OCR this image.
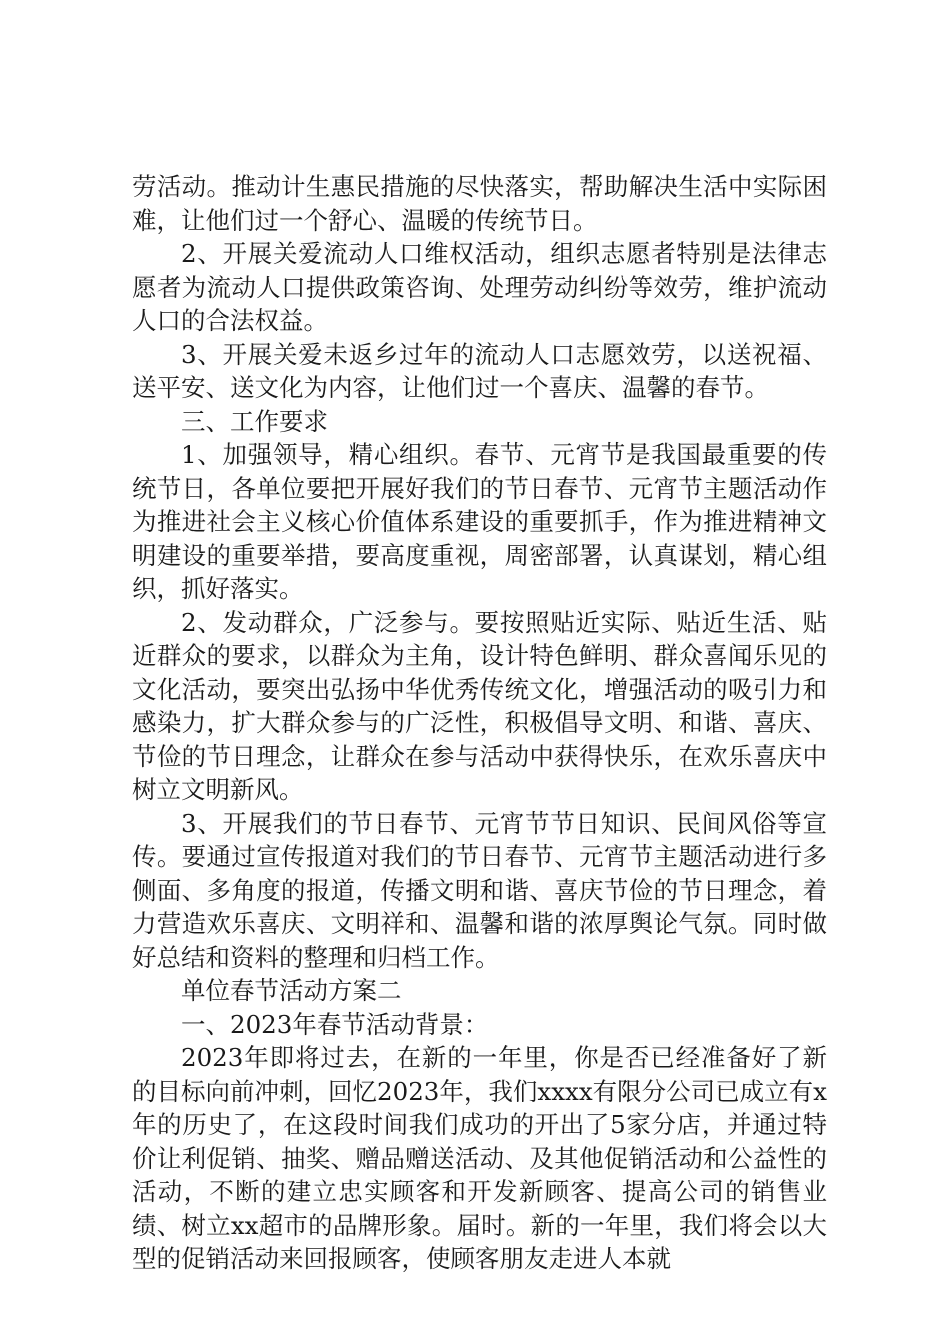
劳活动。推动计生惠民措施的尽快落实，帮助解决生活中实际困难，让他们过一个舒心、温暖的传统节日。

2、开展关爱流动人口维权活动，组织志愿者特别是法律志愿者为流动人口提供政策咨询、处理劳动纠纷等效劳，维护流动人口的合法权益。

3、开展关爱未返乡过年的流动人口志愿效劳，以送祝福、送平安、送文化为内容，让他们过一个喜庆、温馨的春节。

三、工作要求

1、加强领导，精心组织。春节、元宵节是我国最重要的传统节日，各单位要把开展好我们的节日春节、元宵节主题活动作为推进社会主义核心价值体系建设的重要抓手，作为推进精神文明建设的重要举措，要高度重视，周密部署，认真谋划，精心组织，抓好落实。

2、发动群众，广泛参与。要按照贴近实际、贴近生活、贴近群众的要求，以群众为主角，设计特色鲜明、群众喜闻乐见的文化活动，要突出弘扬中华优秀传统文化，增强活动的吸引力和感染力，扩大群众参与的广泛性，积极倡导文明、和谐、喜庆、节俭的节日理念，让群众在参与活动中获得快乐，在欢乐喜庆中树立文明新风。

3、开展我们的节日春节、元宵节节日知识、民间风俗等宣传。要通过宣传报道对我们的节日春节、元宵节主题活动进行多侧面、多角度的报道，传播文明和谐、喜庆节俭的节日理念，着力营造欢乐喜庆、文明祥和、温馨和谐的浓厚舆论气氛。同时做好总结和资料的整理和归档工作。

单位春节活动方案二

一、2023年春节活动背景：

2023年即将过去，在新的一年里，你是否已经准备好了新的目标向前冲刺，回忆2023年，我们xxxx有限分公司已成立有x年的历史了，在这段时间我们成功的开出了5家分店，并通过特价让利促销、抽奖、赠品赠送活动、及其他促销活动和公益性的活动，不断的建立忠实顾客和开发新顾客、提高公司的销售业绩、树立xx超市的品牌形象。届时。新的一年里，我们将会以大型的促销活动来回报顾客，使顾客朋友走进人本就
